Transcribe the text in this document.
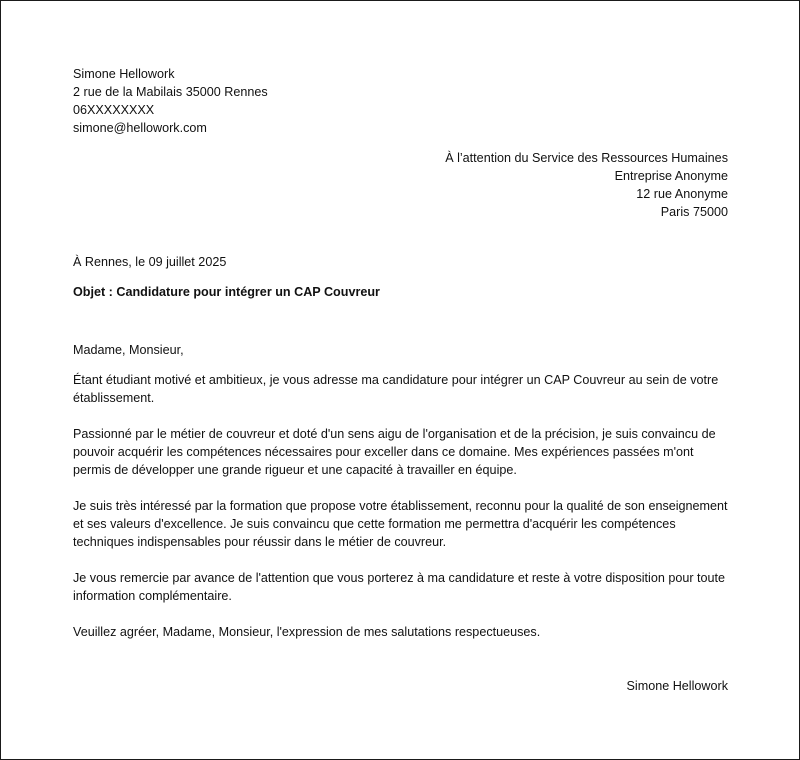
Simone Hellowork
2 rue de la Mabilais 35000 Rennes
06XXXXXXXX
simone@hellowork.com
À l’attention du Service des Ressources Humaines
Entreprise Anonyme
12 rue Anonyme
Paris 75000
À Rennes, le 09 juillet 2025
Objet : Candidature pour intégrer un CAP Couvreur
Madame, Monsieur,

Étant étudiant motivé et ambitieux, je vous adresse ma candidature pour intégrer un CAP Couvreur au sein de votre établissement.

Passionné par le métier de couvreur et doté d'un sens aigu de l'organisation et de la précision, je suis convaincu de pouvoir acquérir les compétences nécessaires pour exceller dans ce domaine. Mes expériences passées m'ont permis de développer une grande rigueur et une capacité à travailler en équipe.

Je suis très intéressé par la formation que propose votre établissement, reconnu pour la qualité de son enseignement et ses valeurs d'excellence. Je suis convaincu que cette formation me permettra d'acquérir les compétences techniques indispensables pour réussir dans le métier de couvreur.

Je vous remercie par avance de l'attention que vous porterez à ma candidature et reste à votre disposition pour toute information complémentaire.

Veuillez agréer, Madame, Monsieur, l'expression de mes salutations respectueuses.

Simone Hellowork
